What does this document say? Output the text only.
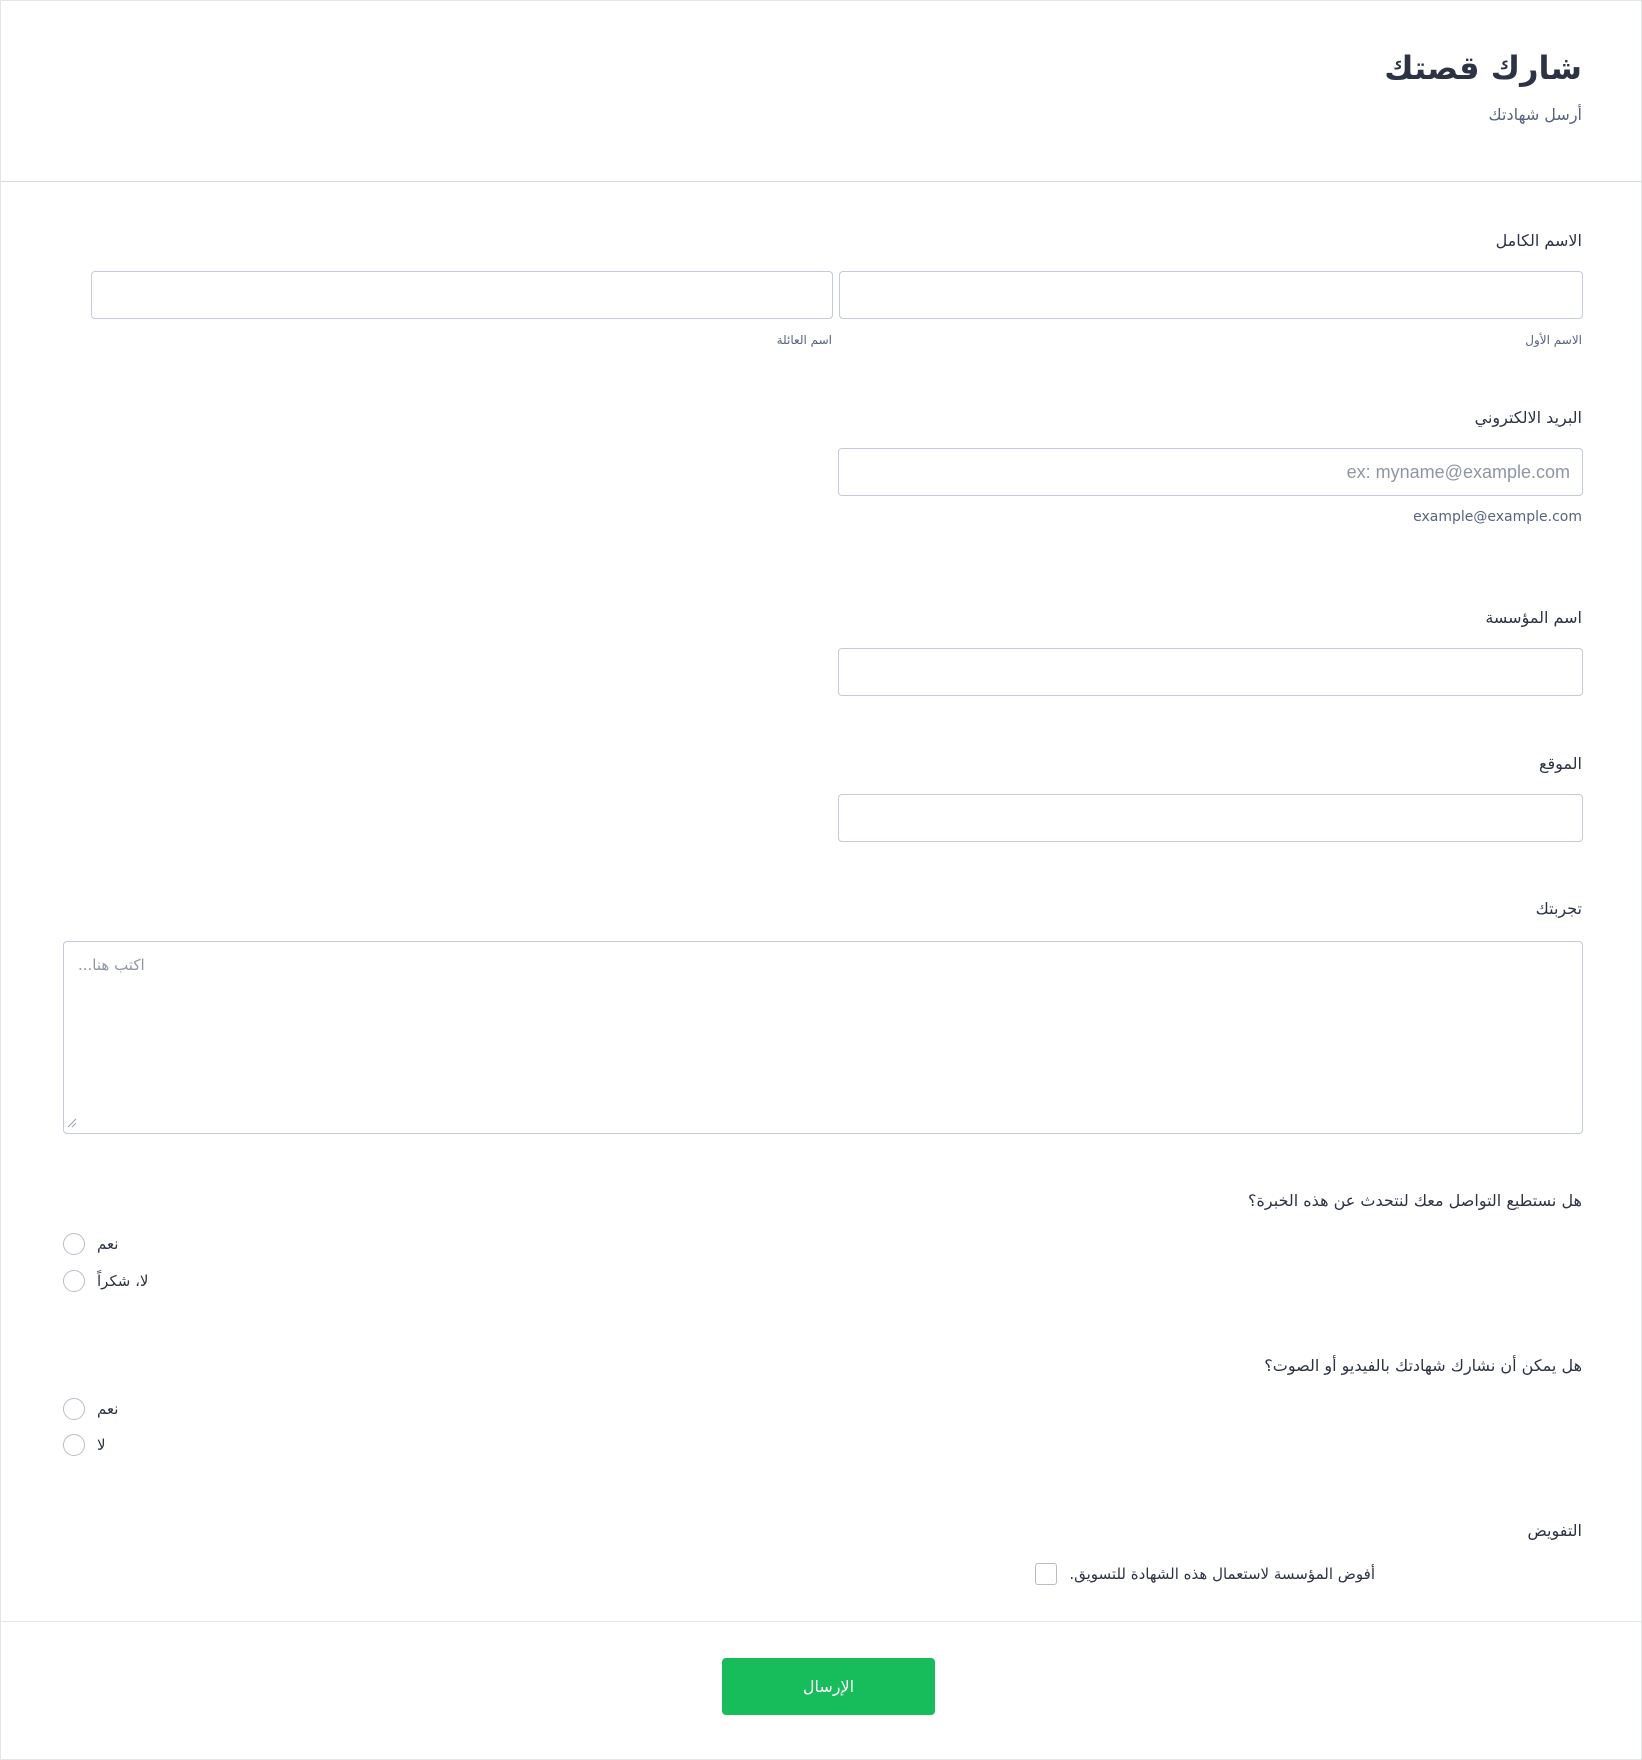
شارك قصتك

أرسل شهادتك

الاسم الكامل
الاسم الأول
اسم العائلة
البريد الالكتروني
ex: myname@example.com
example@example.com
اسم المؤسسة
الموقع
تجربتك
اكتب هنا...
هل نستطيع التواصل معك لنتحدث عن هذه الخبرة؟
نعم
لا، شكراً
هل يمكن أن نشارك شهادتك بالفيديو أو الصوت؟
نعم
لا
التفويض
أفوض المؤسسة لاستعمال هذه الشهادة للتسويق.
الإرسال
